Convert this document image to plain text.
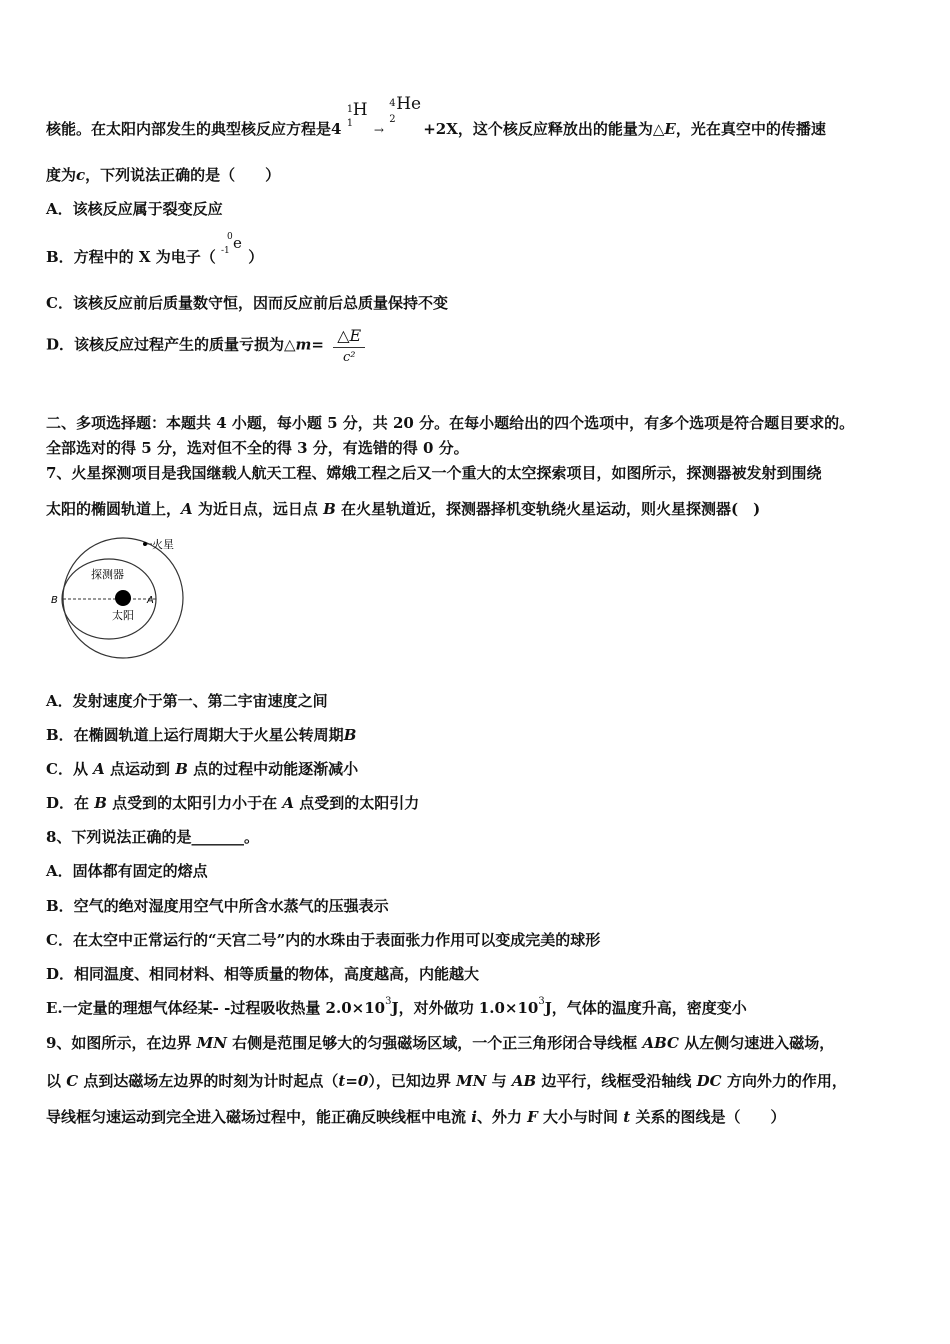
核能。在太阳内部发生的典型核反应方程是4
1
1
H
→
4
2
He
+2X，这个核反应释放出的能量为△E，光在真空中的传播速
度为c，下列说法正确的是（　　）
A．该核反应属于裂变反应
B．方程中的 X 为电子（
0
-1 e
）
C．该核反应前后质量数守恒，因而反应前后总质量保持不变
D．该核反应过程产生的质量亏损为△m= $\frac{\triangle E}{\text{c²}}$
二、多项选择题：本题共 4 小题，每小题 5 分，共 20 分。在每小题给出的四个选项中，有多个选项是符合题目要求的。
全部选对的得 5 分，选对但不全的得 3 分，有选错的得 0 分。
7、火星探测项目是我国继载人航天工程、嫦娥工程之后又一个重大的太空探索项目，如图所示，探测器被发射到围绕
太阳的椭圆轨道上，A 为近日点，远日点 B 在火星轨道近，探测器择机变轨绕火星运动，则火星探测器(　)
火星
探测器
太阳
B	A
A．发射速度介于第一、第二宇宙速度之间
B．在椭圆轨道上运行周期大于火星公转周期B
C．从 A 点运动到 B 点的过程中动能逐渐减小
D．在 B 点受到的太阳引力小于在 A 点受到的太阳引力
8、下列说法正确的是_______。
A．固体都有固定的熔点
B．空气的绝对湿度用空气中所含水蒸气的压强表示
C．在太空中正常运行的“天宫二号”内的水珠由于表面张力作用可以变成完美的球形
D．相同温度、相同材料、相等质量的物体，高度越高，内能越大
E.一定量的理想气体经某- -过程吸收热量 $2.0\times 10^3J$，对外做功 $1.0\times 10^3J$，气体的温度升高，密度变小
9、如图所示，在边界 MN 右侧是范围足够大的匀强磁场区域，一个正三角形闭合导线框 ABC 从左侧匀速进入磁场，
以 C 点到达磁场左边界的时刻为计时起点（t=0），已知边界 MN 与 AB 边平行，线框受沿轴线 DC 方向外力的作用，
导线框匀速运动到完全进入磁场过程中，能正确反映线框中电流 i、外力 F 大小与时间 t 关系的图线是（　　）
